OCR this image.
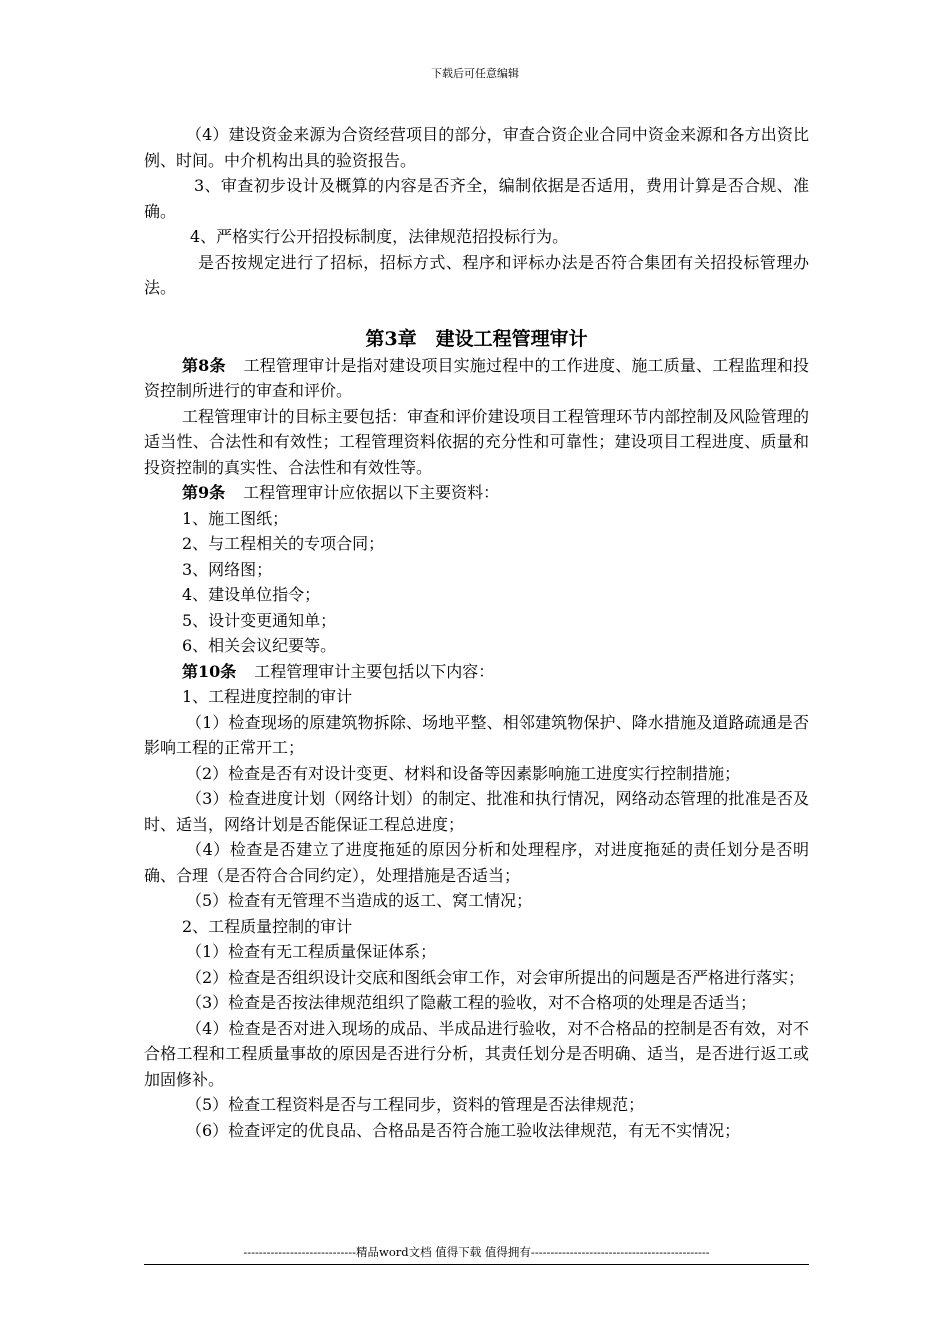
下载后可任意编辑

（4）建设资金来源为合资经营项目的部分，审查合资企业合同中资金来源和各方出资比例、时间。中介机构出具的验资报告。

3、审查初步设计及概算的内容是否齐全，编制依据是否适用，费用计算是否合规、准确。

4、严格实行公开招投标制度，法律规范招投标行为。

是否按规定进行了招标，招标方式、程序和评标办法是否符合集团有关招投标管理办法。

第3章　建设工程管理审计

第8条 工程管理审计是指对建设项目实施过程中的工作进度、施工质量、工程监理和投资控制所进行的审查和评价。

工程管理审计的目标主要包括：审查和评价建设项目工程管理环节内部控制及风险管理的适当性、合法性和有效性；工程管理资料依据的充分性和可靠性；建设项目工程进度、质量和投资控制的真实性、合法性和有效性等。

第9条 工程管理审计应依据以下主要资料：

1、施工图纸；

2、与工程相关的专项合同；

3、网络图；

4、建设单位指令；

5、设计变更通知单；

6、相关会议纪要等。

第10条 工程管理审计主要包括以下内容：

1、工程进度控制的审计

（1）检查现场的原建筑物拆除、场地平整、相邻建筑物保护、降水措施及道路疏通是否影响工程的正常开工；

（2）检查是否有对设计变更、材料和设备等因素影响施工进度实行控制措施；

（3）检查进度计划（网络计划）的制定、批准和执行情况，网络动态管理的批准是否及时、适当，网络计划是否能保证工程总进度；

（4）检查是否建立了进度拖延的原因分析和处理程序，对进度拖延的责任划分是否明确、合理（是否符合合同约定），处理措施是否适当；

（5）检查有无管理不当造成的返工、窝工情况；

2、工程质量控制的审计

（1）检查有无工程质量保证体系；

（2）检查是否组织设计交底和图纸会审工作，对会审所提出的问题是否严格进行落实；

（3）检查是否按法律规范组织了隐蔽工程的验收，对不合格项的处理是否适当；

（4）检查是否对进入现场的成品、半成品进行验收，对不合格品的控制是否有效，对不合格工程和工程质量事故的原因是否进行分析，其责任划分是否明确、适当，是否进行返工或加固修补。

（5）检查工程资料是否与工程同步，资料的管理是否法律规范；

（6）检查评定的优良品、合格品是否符合施工验收法律规范，有无不实情况；

-----------------------------精品word文档 值得下载 值得拥有----------------------------------------------
